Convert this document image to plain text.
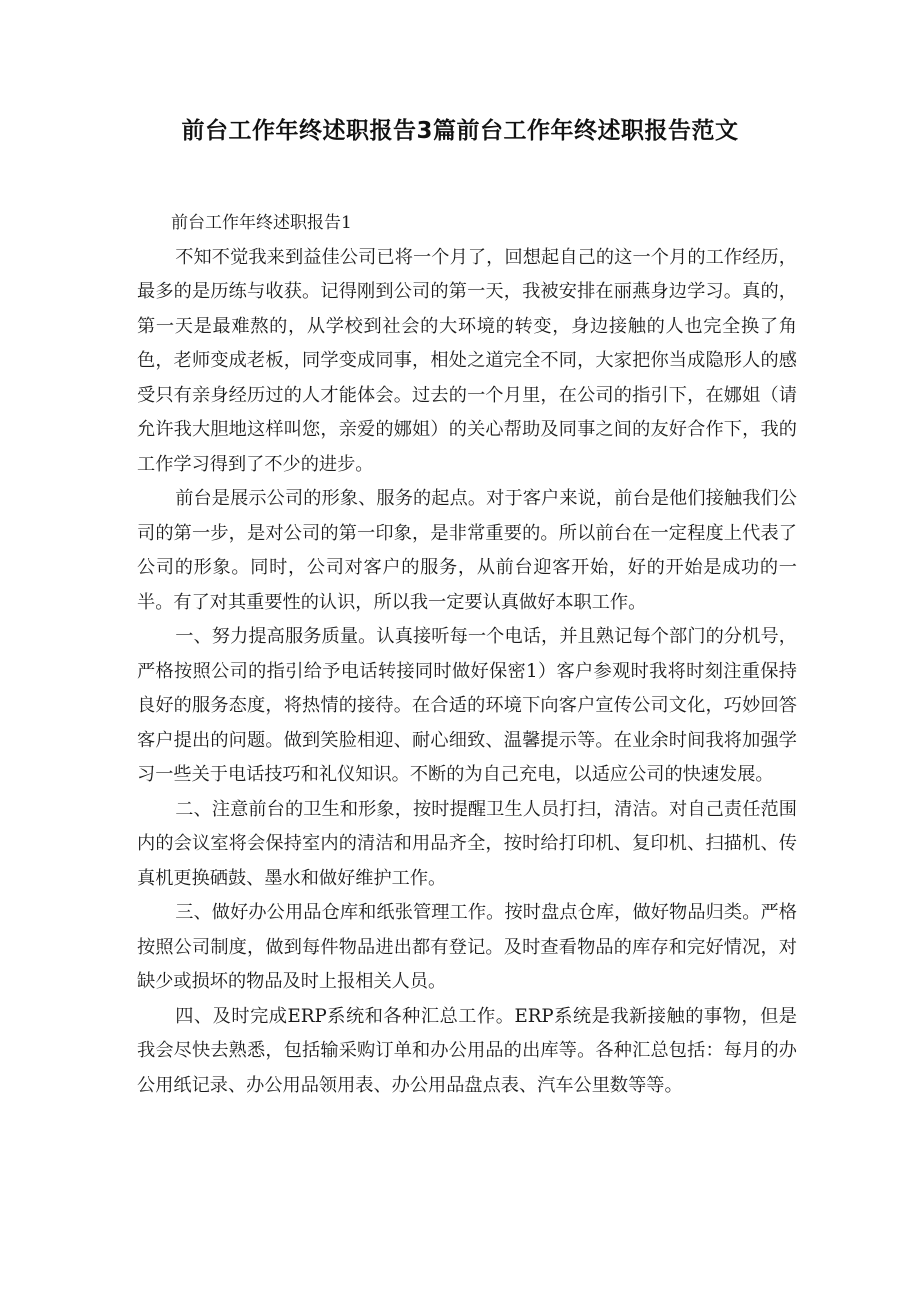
前台工作年终述职报告3篇前台工作年终述职报告范文

前台工作年终述职报告1

不知不觉我来到益佳公司已将一个月了，回想起自己的这一个月的工作经历，最多的是历练与收获。记得刚到公司的第一天，我被安排在丽燕身边学习。真的，第一天是最难熬的，从学校到社会的大环境的转变，身边接触的人也完全换了角色，老师变成老板，同学变成同事，相处之道完全不同，大家把你当成隐形人的感受只有亲身经历过的人才能体会。过去的一个月里，在公司的指引下，在娜姐（请允许我大胆地这样叫您，亲爱的娜姐）的关心帮助及同事之间的友好合作下，我的工作学习得到了不少的进步。

前台是展示公司的形象、服务的起点。对于客户来说，前台是他们接触我们公司的第一步，是对公司的第一印象，是非常重要的。所以前台在一定程度上代表了公司的形象。同时，公司对客户的服务，从前台迎客开始，好的开始是成功的一半。有了对其重要性的认识，所以我一定要认真做好本职工作。

一、努力提高服务质量。认真接听每一个电话，并且熟记每个部门的分机号，严格按照公司的指引给予电话转接同时做好保密1）客户参观时我将时刻注重保持良好的服务态度，将热情的接待。在合适的环境下向客户宣传公司文化，巧妙回答客户提出的问题。做到笑脸相迎、耐心细致、温馨提示等。在业余时间我将加强学习一些关于电话技巧和礼仪知识。不断的为自己充电，以适应公司的快速发展。

二、注意前台的卫生和形象，按时提醒卫生人员打扫，清洁。对自己责任范围内的会议室将会保持室内的清洁和用品齐全，按时给打印机、复印机、扫描机、传真机更换硒鼓、墨水和做好维护工作。

三、做好办公用品仓库和纸张管理工作。按时盘点仓库，做好物品归类。严格按照公司制度，做到每件物品进出都有登记。及时查看物品的库存和完好情况，对缺少或损坏的物品及时上报相关人员。

四、及时完成ERP系统和各种汇总工作。ERP系统是我新接触的事物，但是我会尽快去熟悉，包括输采购订单和办公用品的出库等。各种汇总包括：每月的办公用纸记录、办公用品领用表、办公用品盘点表、汽车公里数等等。
